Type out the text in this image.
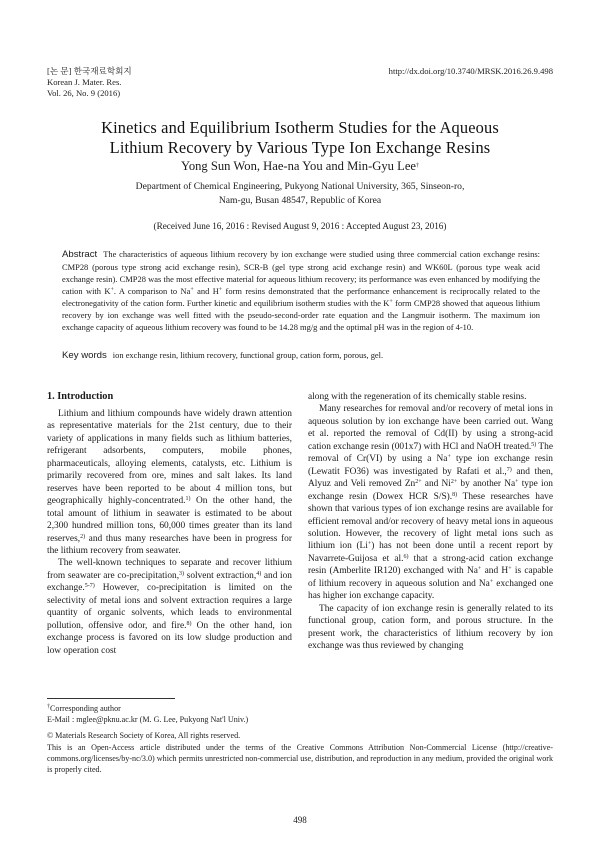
[논 문] 한국재료학회지
Korean J. Mater. Res.
Vol. 26, No. 9 (2016)
http://dx.doi.org/10.3740/MRSK.2016.26.9.498
Kinetics and Equilibrium Isotherm Studies for the Aqueous
Lithium Recovery by Various Type Ion Exchange Resins
Yong Sun Won, Hae-na You and Min-Gyu Lee†
Department of Chemical Engineering, Pukyong National University, 365, Sinseon-ro,
Nam-gu, Busan 48547, Republic of Korea
(Received June 16, 2016 : Revised August 9, 2016 : Accepted August 23, 2016)
Abstract The characteristics of aqueous lithium recovery by ion exchange were studied using three commercial cation exchange resins: CMP28 (porous type strong acid exchange resin), SCR-B (gel type strong acid exchange resin) and WK60L (porous type weak acid exchange resin). CMP28 was the most effective material for aqueous lithium recovery; its performance was even enhanced by modifying the cation with K+. A comparison to Na+ and H+ form resins demonstrated that the performance enhancement is reciprocally related to the electronegativity of the cation form. Further kinetic and equilibrium isotherm studies with the K+ form CMP28 showed that aqueous lithium recovery by ion exchange was well fitted with the pseudo-second-order rate equation and the Langmuir isotherm. The maximum ion exchange capacity of aqueous lithium recovery was found to be 14.28 mg/g and the optimal pH was in the region of 4-10.
Key words ion exchange resin, lithium recovery, functional group, cation form, porous, gel.
1. Introduction

Lithium and lithium compounds have widely drawn attention as representative materials for the 21st century, due to their variety of applications in many fields such as lithium batteries, refrigerant adsorbents, computers, mobile phones, pharmaceuticals, alloying elements, catalysts, etc. Lithium is primarily recovered from ore, mines and salt lakes. Its land reserves have been reported to be about 4 million tons, but geographically highly-concentrated.$^{1)}$ On the other hand, the total amount of lithium in seawater is estimated to be about 2,300 hundred million tons, 60,000 times greater than its land reserves,$^{2)}$ and thus many researches have been in progress for the lithium recovery from seawater.

The well-known techniques to separate and recover lithium from seawater are co-precipitation,$^{3)}$ solvent extraction,$^{4)}$ and ion exchange.$^{5-7)}$ However, co-precipitation is limited on the selectivity of metal ions and solvent extraction requires a large quantity of organic solvents, which leads to environmental pollution, offensive odor, and fire.$^{8)}$ On the other hand, ion exchange process is favored on its low sludge production and low operation cost

along with the regeneration of its chemically stable resins.

Many researches for removal and/or recovery of metal ions in aqueous solution by ion exchange have been carried out. Wang et al. reported the removal of Cd(II) by using a strong-acid cation exchange resin (001x7) with HCl and NaOH treated.$^{5)}$ The removal of Cr(VI) by using a Na+ type ion exchange resin (Lewatit FO36) was investigated by Rafati et al.,$^{7)}$ and then, Alyuz and Veli removed $Zn^{2+}$ and $Ni^{2+}$ by another Na+ type ion exchange resin (Dowex HCR S/S).$^{8)}$ These researches have shown that various types of ion exchange resins are available for efficient removal and/or recovery of heavy metal ions in aqueous solution. However, the recovery of light metal ions such as lithium ion (Li+) has not been done until a recent report by Navarrete-Guijosa et al.$^{6)}$ that a strong-acid cation exchange resin (Amberlite IR120) exchanged with Na+ and H+ is capable of lithium recovery in aqueous solution and Na+ exchanged one has higher ion exchange capacity.

The capacity of ion exchange resin is generally related to its functional group, cation form, and porous structure. In the present work, the characteristics of lithium recovery by ion exchange was thus reviewed by changing

†Corresponding author
E-Mail : mglee@pknu.ac.kr (M. G. Lee, Pukyong Nat'l Univ.)
© Materials Research Society of Korea, All rights reserved.
This is an Open-Access article distributed under the terms of the Creative Commons Attribution Non-Commercial License (http://creative-commons.org/licenses/by-nc/3.0) which permits unrestricted non-commercial use, distribution, and reproduction in any medium, provided the original work is properly cited.
498
